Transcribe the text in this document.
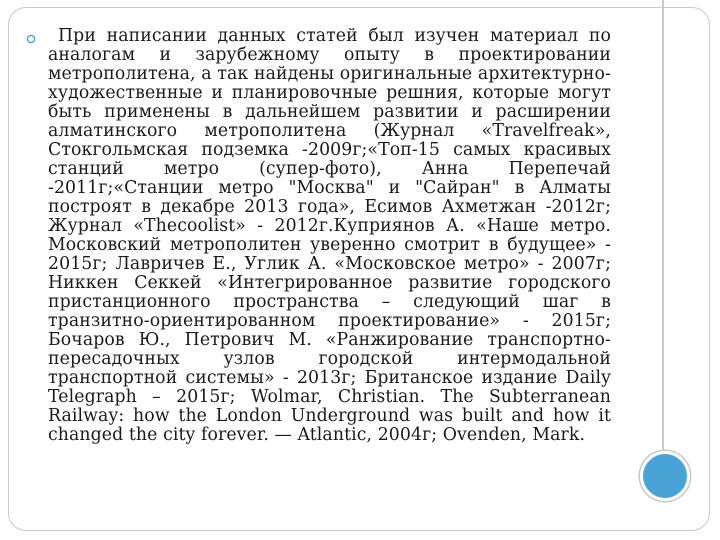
При написании данных статей был изучен материал по аналогам и зарубежному опыту в проектировании метрополитена, а так найдены оригинальные архитектурно-художественные и планировочные решния, которые могут быть применены в дальнейшем развитии и расширении алматинского метрополитена (Журнал «Travelfreak», Стокгольмская подземка -2009г;«Топ-15 самых красивых станций метро (супер-фото), Анна Перепечай -2011г;«Станции метро "Москва" и "Сайран" в Алматы построят в декабре 2013 года», Есимов Ахметжан -2012г; Журнал «Thecoolist» - 2012г.Куприянов А. «Наше метро. Московский метрополитен уверенно смотрит в будущее» - 2015г; Лавричев Е., Углик А. «Московское метро» - 2007г; Никкен Секкей «Интегрированное развитие городского пристанционного пространства – следующий шаг в транзитно-ориентированном проектирование» - 2015г; Бочаров Ю., Петрович М. «Ранжирование транспортно- пересадочных узлов городской интермодальной транспортной системы» - 2013г; Британское издание Daily Telegraph – 2015г; Wolmar, Christian. The Subterranean Railway: how the London Underground was built and how it changed the city forever. — Atlantic, 2004г; Ovenden, Mark.
